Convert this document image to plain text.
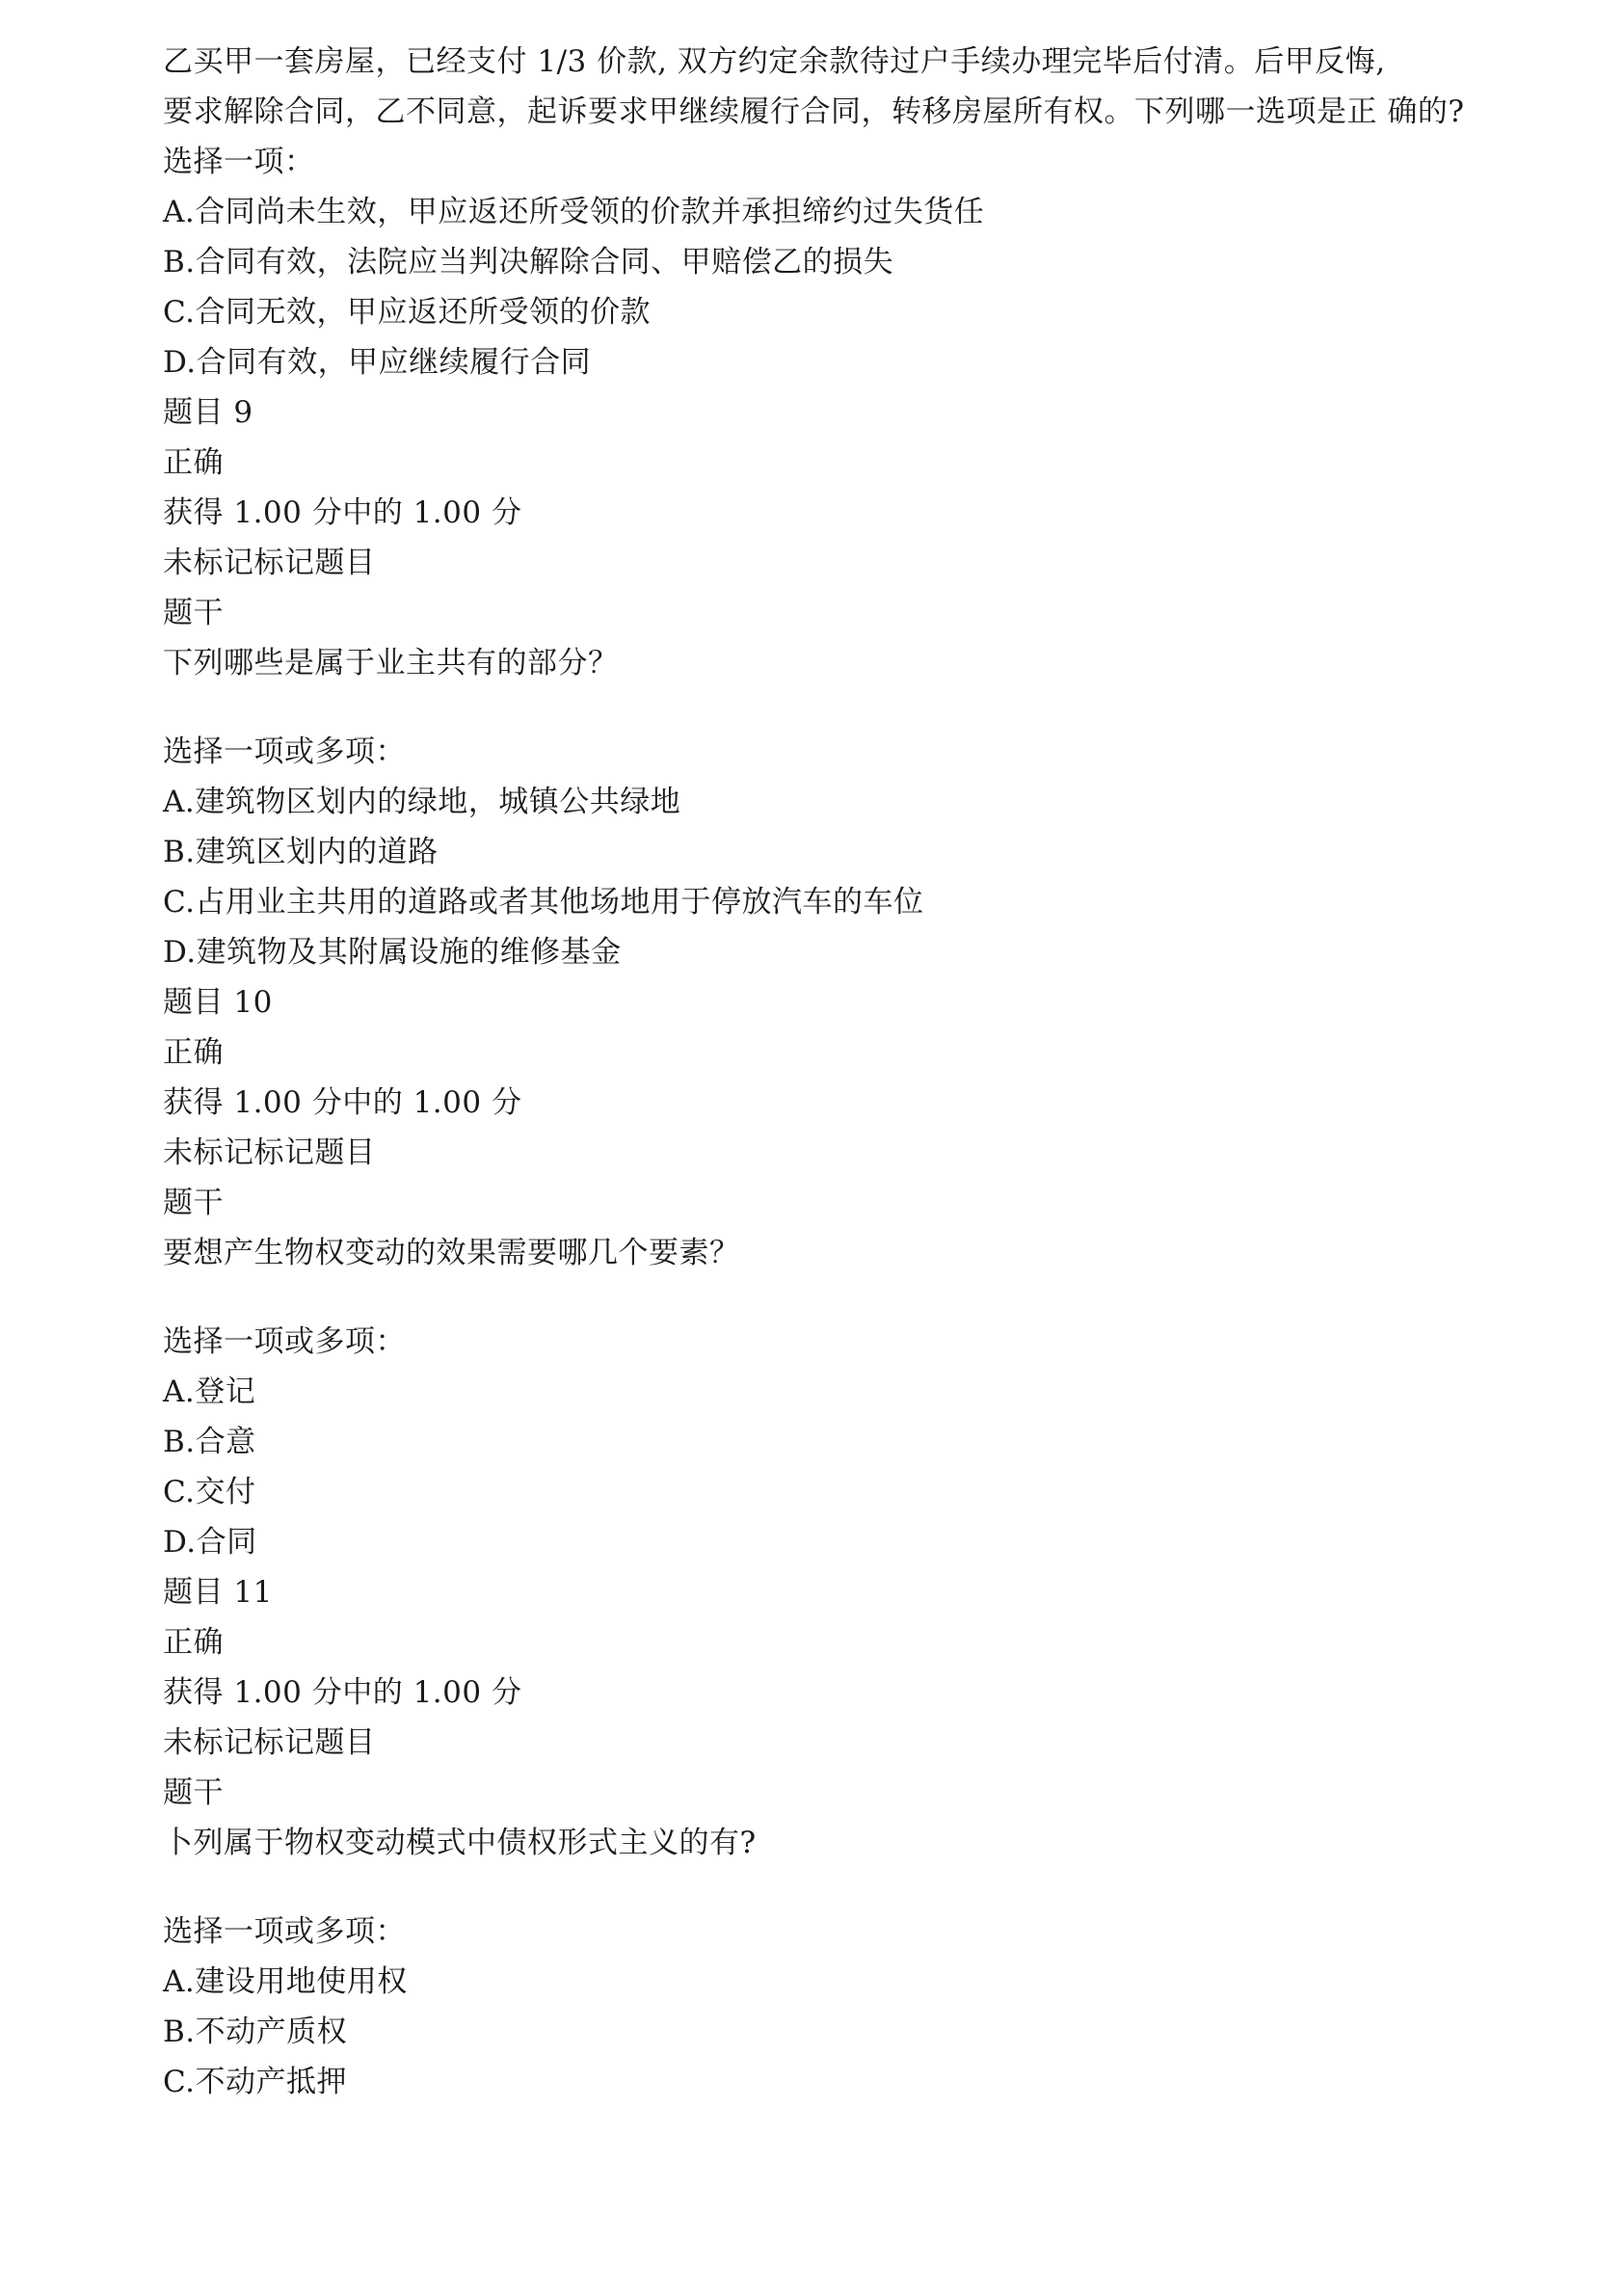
乙买甲一套房屋，已经支付 1/3 价款, 双方约定余款待过户手续办理完毕后付清。后甲反悔,
要求解除合同，乙不同意，起诉要求甲继续履行合同，转移房屋所有权。下列哪一选项是正 确的?
选择一项：
A.合同尚未生效，甲应返还所受领的价款并承担缔约过失货任
B.合同有效，法院应当判决解除合同、甲赔偿乙的损失
C.合同无效，甲应返还所受领的价款
D.合同有效，甲应继续履行合同
题目 9
正确
获得 1.00 分中的 1.00 分
未标记标记题目
题干
下列哪些是属于业主共有的部分？
选择一项或多项：
A.建筑物区划内的绿地，城镇公共绿地
B.建筑区划内的道路
C.占用业主共用的道路或者其他场地用于停放汽车的车位
D.建筑物及其附属设施的维修基金
题目 10
正确
获得 1.00 分中的 1.00 分
未标记标记题目
题干
要想产生物权变动的效果需要哪几个要素？
选择一项或多项：
A.登记
B.合意
C.交付
D.合同
题目 11
正确
获得 1.00 分中的 1.00 分
未标记标记题目
题干
卜列属于物权变动模式中债权形式主义的有?
选择一项或多项：
A.建设用地使用权
B.不动产质权
C.不动产抵押
